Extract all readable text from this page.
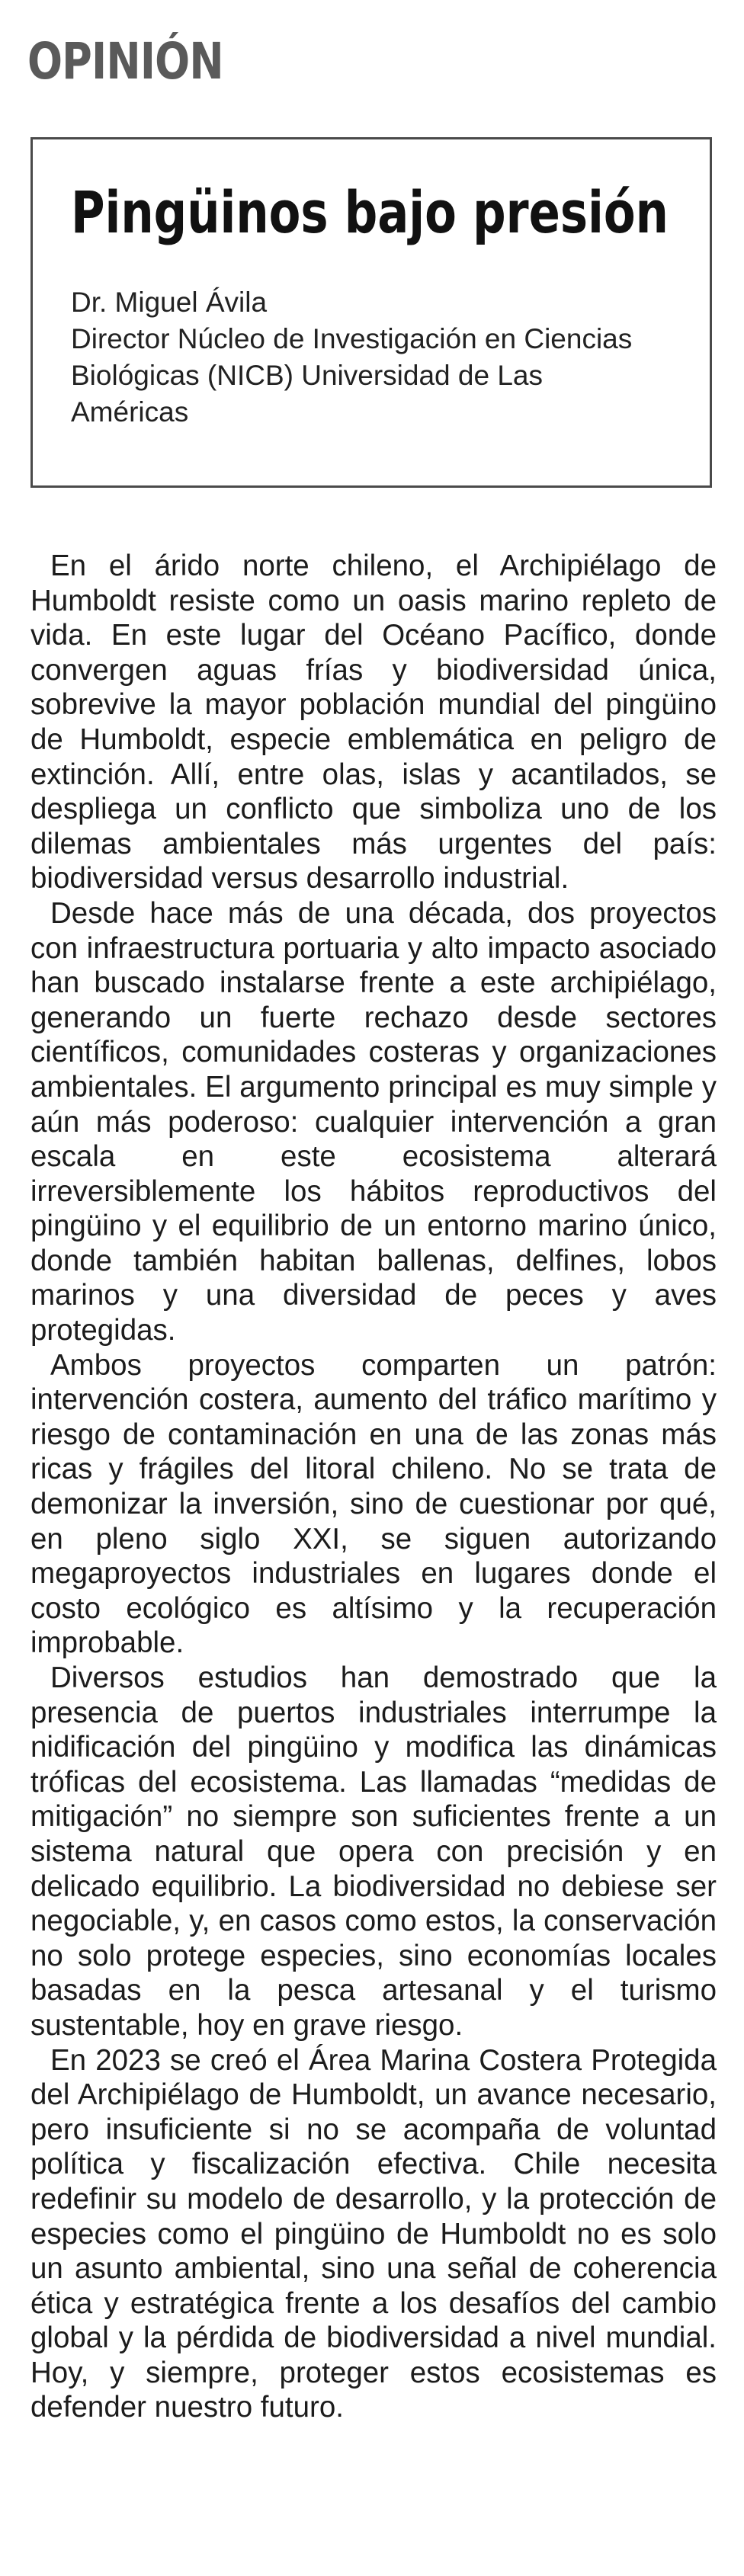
OPINIÓN
Pingüinos bajo presión
Dr. Miguel Ávila
Director Núcleo de Investigación en Ciencias
Biológicas (NICB) Universidad de Las
Américas

En el árido norte chileno, el Archipiélago de Humboldt resiste como un oasis marino repleto de vida. En este lugar del Océano Pacífico, donde convergen aguas frías y biodiversidad única, sobrevive la mayor población mundial del pingüino de Humboldt, especie emblemática en peligro de extinción. Allí, entre olas, islas y acantilados, se despliega un conflicto que simboliza uno de los dilemas ambientales más urgentes del país: biodiversidad versus desarrollo industrial.

Desde hace más de una década, dos proyectos con infraestructura portuaria y alto impacto asociado han buscado instalarse frente a este archipiélago, generando un fuerte rechazo desde sectores científicos, comunidades costeras y organizaciones ambientales. El argumento principal es muy simple y aún más poderoso: cualquier intervención a gran escala en este ecosistema alterará irreversiblemente los hábitos reproductivos del pingüino y el equilibrio de un entorno marino único, donde también habitan ballenas, delfines, lobos marinos y una diversidad de peces y aves protegidas.

Ambos proyectos comparten un patrón: intervención costera, aumento del tráfico marítimo y riesgo de contaminación en una de las zonas más ricas y frágiles del litoral chileno. No se trata de demonizar la inversión, sino de cuestionar por qué, en pleno siglo XXI, se siguen autorizando megaproyectos industriales en lugares donde el costo ecológico es altísimo y la recuperación improbable.

Diversos estudios han demostrado que la presencia de puertos industriales interrumpe la nidificación del pingüino y modifica las dinámicas tróficas del ecosistema. Las llamadas “medidas de mitigación” no siempre son suficientes frente a un sistema natural que opera con precisión y en delicado equilibrio. La biodiversidad no debiese ser negociable, y, en casos como estos, la conservación no solo protege especies, sino economías locales basadas en la pesca artesanal y el turismo sustentable, hoy en grave riesgo.

En 2023 se creó el Área Marina Costera Protegida del Archipiélago de Humboldt, un avance necesario, pero insuficiente si no se acompaña de voluntad política y fiscalización efectiva. Chile necesita redefinir su modelo de desarrollo, y la protección de especies como el pingüino de Humboldt no es solo un asunto ambiental, sino una señal de coherencia ética y estratégica frente a los desafíos del cambio global y la pérdida de biodiversidad a nivel mundial. Hoy, y siempre, proteger estos ecosistemas es defender nuestro futuro.
